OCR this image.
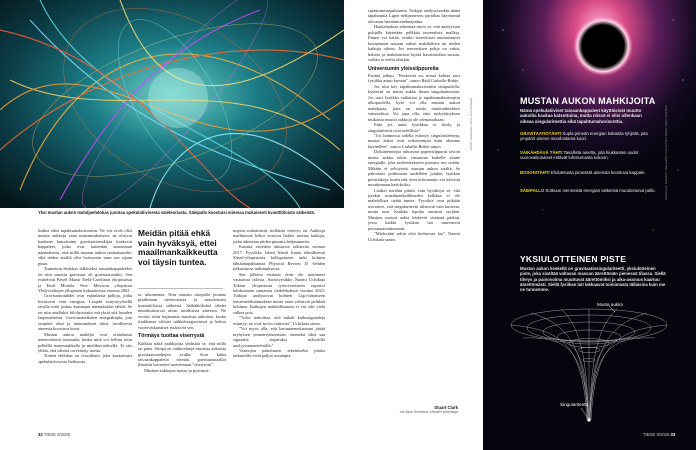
Yksi mustan aukon mahdjaehdokas juontaa spekulatiivisesta säieteoriasta. Säiepallo koostuisi mineraa mukaisesti kvanttitiloista säikeistä.
KUVAT: Vasemmalta: NASA / ESA / Unsplash

lisäksi eden tapahtumahorisontin. Ne siis eivät olisi mustia aukkoja vaan nimenmukaisesti, ne olisivat kaukana katsottuina gravitaatiotutkijaa koskevat kappaleet, jotka ovat kuitenkin ainoastaan näennäisesti, että niillä mustan aukon ominaisuudet, eikä niiden sisällä olisi horisontin vaan sen sijaan pinta.

Tunnetuin ehdokas tällaiseksi taivaankappaleeksi on niin sanottu gravastar eli gravitaatiotähti. Sen esittelivät Pawel Mazur Etelä-Carolinan yliopistosta ja Emil Mottola New Mexicon yliopiston Yhdysvaltojen yliopiston kokouksessa vuonna 2002.

Gravitaatiotähdet ovat eräänlaisia palloja, jotka koostuvat vain energiaa. Laajalti esitystyylisellä tavalla niitä joskus kutsutaan näennäisiksi tähtiä. Se on niin anelluksi kilohyöstaito esityksiä sitä kuuden laajennetuista. Gravitaatiotähtien energiakupla, jota ympäröi ohut ja äärimmäisen tiheä, tavallisesta aineesta koostuva kuori.

Mustan aukon mahdjat ovat eräänlaisia nemeroiketoi toteuunta, koska niitä voi leflitta esiin pelkällä matematiikalla ja mielikuvituksella. Ei siis yllätä, että ideoita on esitetty useita.

Toinen ehdokas on fossiilinen, joka kasaantuisi spekulatiivisesta lisäksesta

Meidän pitää ehkä vain hyväksyä, ettei maailmankaikkeutta voi täysin tuntea.

ta, aikoinenea. Niin sanottu säiepallo juontaa pisalleman säieteoriasta ja muodostuisi kvanttitiloista säikeistä. Säikähtökehot tähdet muodostuisivat aivan tavallisista aineesta. Ne eroaisi tosin hajanaisia mustista aukoista, koska tiiukkansa välisiet säikkehnegoottriset ja heikot vuorovaikutukset estäisivät sen.

Törmäys tuottaa viserrystä

Kaikkia näitä mahkijoita yhdistää se, että niillä on pinta. Siinpä on vaihtoehtoja mustista aukoista gravitaatioaaltojen avulla. Kun kaksi taivaankappaletta törmää, gravitaatioaallot ilmaisin havaitsee tuotteenaan "viserrystä".

Mustien aukkojen massa ja pyörimis-

nopeus määrittävät, millaista viserrys on. Aukkoja mallintavat kehot voisivat lisäksi tuottaa kaikuja, jotka aiheuttaa niiden pintasta heijastuneita.

Kaiusta esitettiin alustavia todisteita vuonna 2017. Fyysikko Jahed Abedi Iranin teknillisestä Sharif-yliopistosta kollegoineen tutki kolmea tähtäintapahtumaa Physical Review D -lehden julkaistussa tutkimuksessa.

Sen jälkeen etsinnät eivät ole tuottaneet vastaavaa tulosta. Astrofyysikko Naomi Uchikata Tokion yliopistosta työtovereineen raportoi tuloksistaan samasssa tiedelehdessä vuonna 2023. Tutkijat analysoivat kolmen Ligo-ilmaiseen havaintotähtäimuksen mutta vaan valasivat pelkkää kohinaa. Kaikujen mahdollisuutta ei voi silti vielä sulkea pois.

"Tulos tarkoittaa, että mikäli kaikusignaaleja esiintyy, ne ovat hyvin vaimeita", Uchikata sanoo.

"Voi myös olla, että kaiuntaemekanismi jättää myhyisen ymmärrykseemme, emmekä siksi saa signaalia siepatuksi nykyisillä analyysimenetelmillä."

Varmojen päätelmien tekemiseksi pitäisi tarkastella vielä paljon useampia

sulautumistapahtumia. Tutkijat analysoivatkin nämä tapahtumia Ligon nelijännesen, parnikas häyvinnud olevansa havainnonteknajuttua.

Hankaluuksia aiheuttaa myös se, että analyysien pohjalla käytetään pelkkää teoreettisia malleja. Emme voi tietää, ovatko teoreettiset ominaisuuset kuvaamaan mustan aukon mahdollisia tai niiden kaikuja oikein. Jos teoreettisen pohja on väärä, haluttu ja mahdottoma löytää havainnollan suoraa, vaikka se sieltä olisikin.

Universumin yleissilppureita

Etsintä jatkuu. "Keskeistä on, missä kohtaa uusi fysiikka astuu kuvaan", sanoo Raúl Carballo-Rubio.

Jos niin käy tapahtumahorisontin sisäpuolella, kyseessä on musta aukko ilman singulaarisuutta. Jos uusi fysiikka vaikuttaa jo tapahtumahorisontin ulkopuolella, kyse voi olla mustan aukon mahdjaata, joita on useita muidoinkiekheo vaintoehtoa. Voi jopa olla, ettei mykyäsityksen mukaisia mustia aukkoja ole olemassakaan.

Entä jos uutta fysiikkaa ei löydy ja singulariteetit ovat todellisia?

"Jos lunmossa todella esiintyy singulariteetteja, mustat aukot ovat erikoisempia kuin olemme kuvitelleet", sanoo Carballo-Rubio sanoo.

Dokumenttejaa tuhoavan paperisilppurin tavoin musta aukko tekisi vastaavaa kaikelle siinne energialle, joka nieleeneekseen putoaisi sen sisään. Mikään ei selviytyisi mustan aukon sisältä. Se pakottaisi pohtimaan uudelleen jotakin fysiikan peruslakeja, kuten sitä, ettei informaatio voi kätvistä muuttumaan kadoksiksi.

Lisäksi meidän pitäisi vain hyväksyä se, että jotakin maailmankaikkeuden kolkkaa ei ole mahdollista tietää tuntea. Fyysikot ovat pitkään toivoneet, että singulariteetit ulistuvat vain kuiteeta, mutta uusi fysiikka lopulta onnistui syrjään. Mustien mustat aukot kätkevät sisäänsä paikan, jossa kaikki fysiikan lait murenevat persuastamattomaati.

"Mielestäni sekin olisi kiehtovaa lua", Naomi Uchikata sanoo.

Stuart Clark
on New Scientist -lehden toimittaja
32 TIEDE 9/2025
Shutterstock, ilustrations: Mark Garlick / Science Photo Library / Alamy / mammoth
MUSTAN AUKON MAHKIJOITA
Nämä spekulatiiviset taivaankappaleet käyttäisivät muutto aukoilta kaukaa katsottuina, mutta niissä ei olisi ollenkaan oikeaa singulariteettia eikä tapahtumahorisonttia.
GRAVITAATIOTÄHTI Kupla pimeän energian kaltaista tyhjiötä, jota ympäröi aineen muodostama kuori.
SÄIKÄHDÄVÄ TÄHTI Tavallista ainetta, jota hiukkasten oudot vuorovaikutukset estävät luhistumasta kokoon.
BOSONITÄHTI Ehdotetusta pimeästä aineesta koostuva kappale.
SÄIEPALLO Sotkuun menneistä energian säikeistä muodostunut pallo.
YKSIULOTTEINEN PISTE
Mustan aukon keskellä on gravitaatiosingulariteetti, yksiulotteinen piste, joka sisältää valtavan massan äärettömän pienessä tilassa. Siellä tiheys ja painovoima muuttuvat äärettömiksi ja aika-avaruus kaartuu äärettömästi. Siellä fysiikan lait lakkaavat toimimasta tällaisina kuin me ne tunnemme.
Musta aukko
Singulariteetti
TIEDE 9/2025 33
